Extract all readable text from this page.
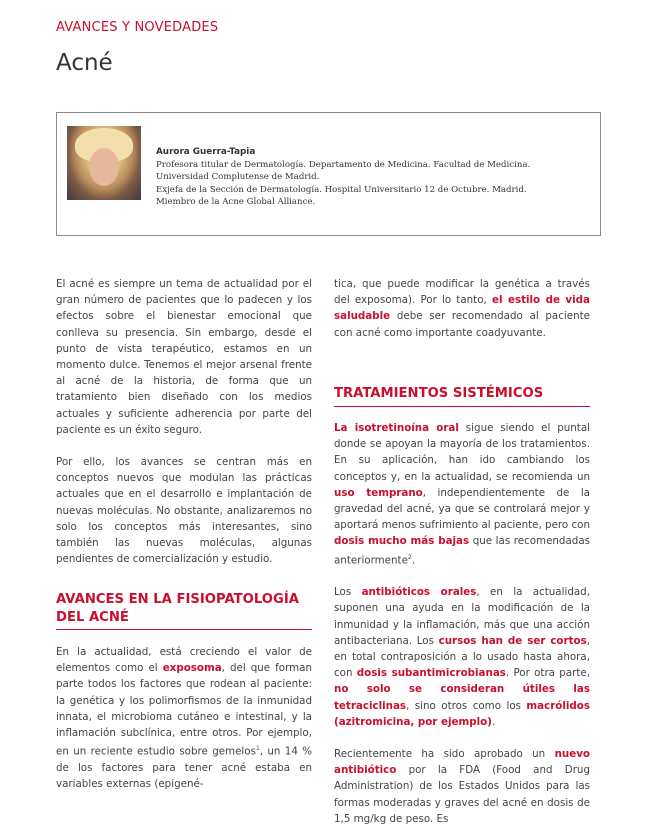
AVANCES Y NOVEDADES
Acné
Aurora Guerra-Tapia
Profesora titular de Dermatología. Departamento de Medicina. Facultad de Medicina.
Universidad Complutense de Madrid.
Exjefa de la Sección de Dermatología. Hospital Universitario 12 de Octubre. Madrid.
Miembro de la Acne Global Alliance.

El acné es siempre un tema de actualidad por el gran número de pacientes que lo padecen y los efectos sobre el bienestar emocional que conlleva su presencia. Sin embargo, desde el punto de vista terapéutico, estamos en un momento dulce. Tenemos el mejor arsenal frente al acné de la historia, de forma que un tratamiento bien diseñado con los medios actuales y suficiente adherencia por parte del paciente es un éxito seguro.

Por ello, los avances se centran más en conceptos nuevos que modulan las prácticas actuales que en el desarrollo e implantación de nuevas moléculas. No obstante, analizaremos no solo los conceptos más interesantes, sino también las nuevas moléculas, algunas pendientes de comercialización y estudio.

AVANCES EN LA FISIOPATOLOGÍA
DEL ACNÉ

En la actualidad, está creciendo el valor de elementos como el exposoma, del que forman parte todos los factores que rodean al paciente: la genética y los polimorfismos de la inmunidad innata, el microbioma cutáneo e intestinal, y la inflamación subclínica, entre otros. Por ejemplo, en un reciente estudio sobre gemelos$^1$, un 14 % de los factores para tener acné estaba en variables externas (epigené-

tica, que puede modificar la genética a través del exposoma). Por lo tanto, el estilo de vida saludable debe ser recomendado al paciente con acné como importante coadyuvante.

TRATAMIENTOS SISTÉMICOS

La isotretinoína oral sigue siendo el puntal donde se apoyan la mayoría de los tratamientos. En su aplicación, han ido cambiando los conceptos y, en la actualidad, se recomienda un uso temprano, independientemente de la gravedad del acné, ya que se controlará mejor y aportará menos sufrimiento al paciente, pero con dosis mucho más bajas que las recomendadas anteriormente$^2$.

Los antibióticos orales, en la actualidad, suponen una ayuda en la modificación de la inmunidad y la inflamación, más que una acción antibacteriana. Los cursos han de ser cortos, en total contraposición a lo usado hasta ahora, con dosis subantimicrobianas. Por otra parte, no solo se consideran útiles las tetraciclinas, sino otros como los macrólidos (azitromicina, por ejemplo).

Recientemente ha sido aprobado un nuevo antibiótico por la FDA (Food and Drug Administration) de los Estados Unidos para las formas moderadas y graves del acné en dosis de 1,5 mg/kg de peso. Es
